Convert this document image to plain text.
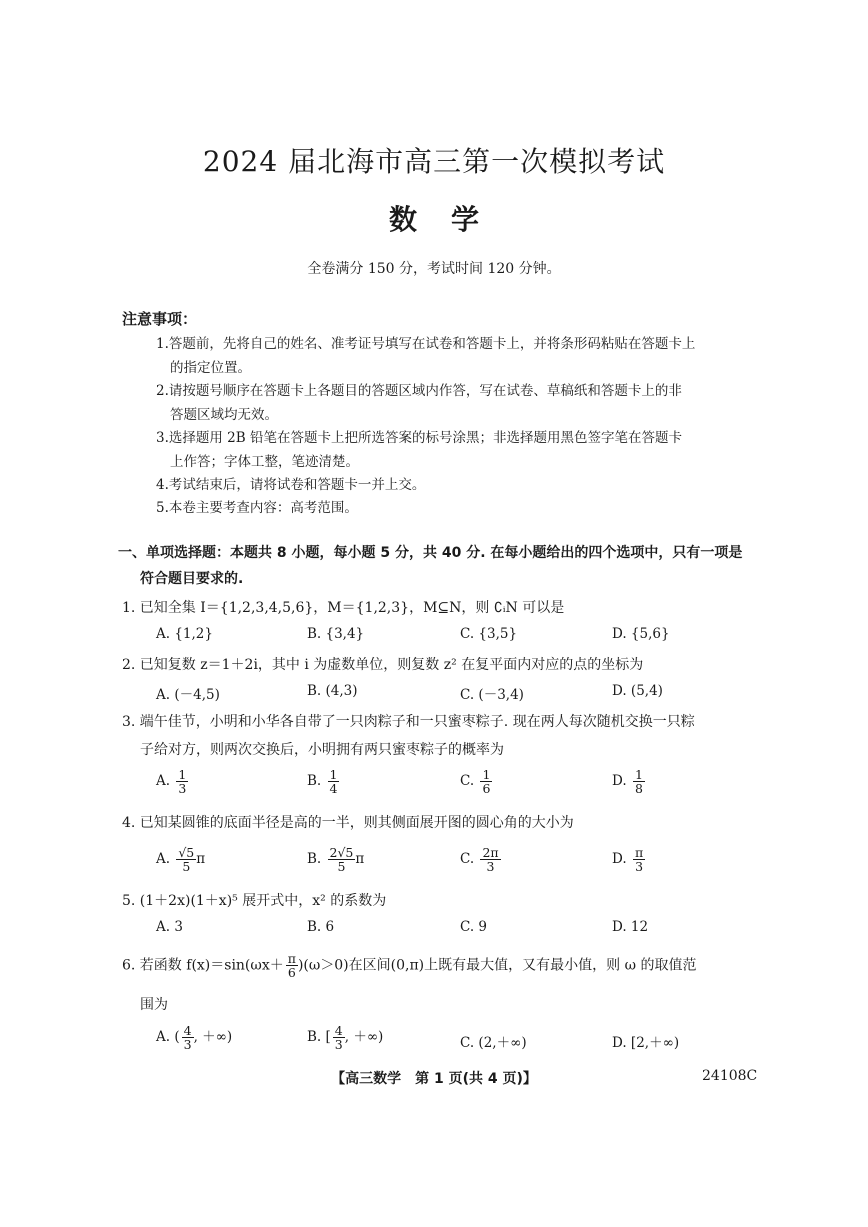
2024 届北海市高三第一次模拟考试
数学
全卷满分 150 分，考试时间 120 分钟。
注意事项：
1.答题前，先将自己的姓名、准考证号填写在试卷和答题卡上，并将条形码粘贴在答题卡上
的指定位置。
2.请按题号顺序在答题卡上各题目的答题区域内作答，写在试卷、草稿纸和答题卡上的非
答题区域均无效。
3.选择题用 2B 铅笔在答题卡上把所选答案的标号涂黑；非选择题用黑色签字笔在答题卡
上作答；字体工整，笔迹清楚。
4.考试结束后，请将试卷和答题卡一并上交。
5.本卷主要考查内容：高考范围。
一、单项选择题：本题共 8 小题，每小题 5 分，共 40 分. 在每小题给出的四个选项中，只有一项是
符合题目要求的.
1. 已知全集 I＝{1,2,3,4,5,6}，M＝{1,2,3}，M⊆N，则 ∁ᵢN 可以是
A. {1,2}	B. {3,4}	C. {3,5}	D. {5,6}
2. 已知复数 z＝1＋2i，其中 i 为虚数单位，则复数 z² 在复平面内对应的点的坐标为
A. (－4,5)	B. (4,3)	C. (－3,4)	D. (5,4)
3. 端午佳节，小明和小华各自带了一只肉粽子和一只蜜枣粽子. 现在两人每次随机交换一只粽
子给对方，则两次交换后，小明拥有两只蜜枣粽子的概率为
A. $\frac{1}{3}$	B. $\frac{1}{4}$	C. $\frac{1}{6}$	D. $\frac{1}{8}$
4. 已知某圆锥的底面半径是高的一半，则其侧面展开图的圆心角的大小为
A. $\frac{√5}{5}$ π	B. $\frac{2√5}{5}$ π	C. $\frac{2\pi}{3}$	D. $\frac{\pi}{3}$
5. (1＋2x)(1＋x)⁵ 展开式中，x² 的系数为
A. 3	B. 6	C. 9	D. 12
6. 若函数 $f(x)=\sin(\omega x+ \frac{\pi}{6} )(\omega>0)$在区间(0,π)上既有最大值，又有最小值，则 ω 的取值范
围为
A. ( $\frac{4}{3}$ , ＋∞)	B. [ $\frac{4}{3}$ , ＋∞)	C. (2,＋∞)	D. [2,＋∞)
【高三数学　第 1 页(共 4 页)】	24108C
